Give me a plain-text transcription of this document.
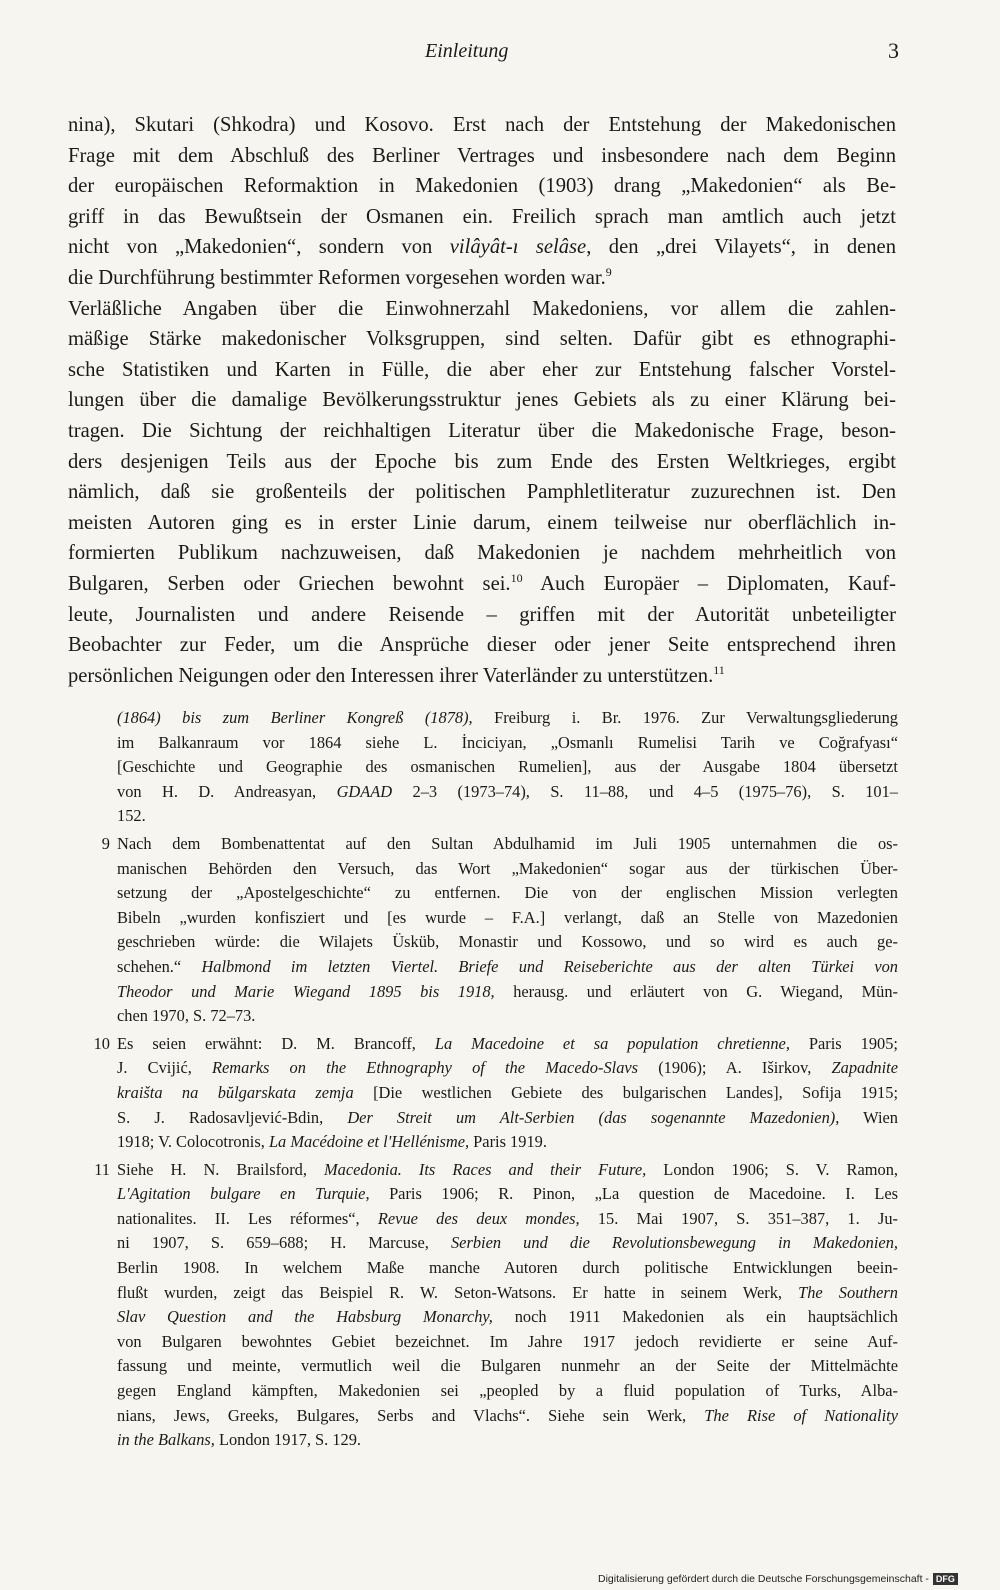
Einleitung	3
nina), Skutari (Shkodra) und Kosovo. Erst nach der Entstehung der Makedonischen
Frage mit dem Abschluß des Berliner Vertrages und insbesondere nach dem Beginn
der europäischen Reformaktion in Makedonien (1903) drang „Makedonien“ als Be-
griff in das Bewußtsein der Osmanen ein. Freilich sprach man amtlich auch jetzt
nicht von „Makedonien“, sondern von vilâyât-ı selâse, den „drei Vilayets“, in denen
die Durchführung bestimmter Reformen vorgesehen worden war.$^9$
Verläßliche Angaben über die Einwohnerzahl Makedoniens, vor allem die zahlen-
mäßige Stärke makedonischer Volksgruppen, sind selten. Dafür gibt es ethnographi-
sche Statistiken und Karten in Fülle, die aber eher zur Entstehung falscher Vorstel-
lungen über die damalige Bevölkerungsstruktur jenes Gebiets als zu einer Klärung bei-
tragen. Die Sichtung der reichhaltigen Literatur über die Makedonische Frage, beson-
ders desjenigen Teils aus der Epoche bis zum Ende des Ersten Weltkrieges, ergibt
nämlich, daß sie großenteils der politischen Pamphletliteratur zuzurechnen ist. Den
meisten Autoren ging es in erster Linie darum, einem teilweise nur oberflächlich in-
formierten Publikum nachzuweisen, daß Makedonien je nachdem mehrheitlich von
Bulgaren, Serben oder Griechen bewohnt sei.$^{10}$ Auch Europäer – Diplomaten, Kauf-
leute, Journalisten und andere Reisende – griffen mit der Autorität unbeteiligter
Beobachter zur Feder, um die Ansprüche dieser oder jener Seite entsprechend ihren
persönlichen Neigungen oder den Interessen ihrer Vaterländer zu unterstützen.$^{11}$
(1864) bis zum Berliner Kongreß (1878), Freiburg i. Br. 1976. Zur Verwaltungsgliederung
im Balkanraum vor 1864 siehe L. İnciciyan, „Osmanlı Rumelisi Tarih ve Coğrafyası“
[Geschichte und Geographie des osmanischen Rumelien], aus der Ausgabe 1804 übersetzt
von H. D. Andreasyan, GDAAD 2–3 (1973–74), S. 11–88, und 4–5 (1975–76), S. 101–
152.
9 Nach dem Bombenattentat auf den Sultan Abdulhamid im Juli 1905 unternahmen die os-
manischen Behörden den Versuch, das Wort „Makedonien“ sogar aus der türkischen Über-
setzung der „Apostelgeschichte“ zu entfernen. Die von der englischen Mission verlegten
Bibeln „wurden konfisziert und [es wurde – F.A.] verlangt, daß an Stelle von Mazedonien
geschrieben würde: die Wilajets Üsküb, Monastir und Kossowo, und so wird es auch ge-
schehen.“ Halbmond im letzten Viertel. Briefe und Reiseberichte aus der alten Türkei von
Theodor und Marie Wiegand 1895 bis 1918, herausg. und erläutert von G. Wiegand, Mün-
chen 1970, S. 72–73.
10 Es seien erwähnt: D. M. Brancoff, La Macedoine et sa population chretienne, Paris 1905;
J. Cvijić, Remarks on the Ethnography of the Macedo-Slavs (1906); A. Iširkov, Zapadnite
kraišta na bŭlgarskata zemja [Die westlichen Gebiete des bulgarischen Landes], Sofija 1915;
S. J. Radosavljević-Bdin, Der Streit um Alt-Serbien (das sogenannte Mazedonien), Wien
1918; V. Colocotronis, La Macédoine et l'Hellénisme, Paris 1919.
11 Siehe H. N. Brailsford, Macedonia. Its Races and their Future, London 1906; S. V. Ramon,
L'Agitation bulgare en Turquie, Paris 1906; R. Pinon, „La question de Macedoine. I. Les
nationalites. II. Les réformes“, Revue des deux mondes, 15. Mai 1907, S. 351–387, 1. Ju-
ni 1907, S. 659–688; H. Marcuse, Serbien und die Revolutionsbewegung in Makedonien,
Berlin 1908. In welchem Maße manche Autoren durch politische Entwicklungen beein-
flußt wurden, zeigt das Beispiel R. W. Seton-Watsons. Er hatte in seinem Werk, The Southern
Slav Question and the Habsburg Monarchy, noch 1911 Makedonien als ein hauptsächlich
von Bulgaren bewohntes Gebiet bezeichnet. Im Jahre 1917 jedoch revidierte er seine Auf-
fassung und meinte, vermutlich weil die Bulgaren nunmehr an der Seite der Mittelmächte
gegen England kämpften, Makedonien sei „peopled by a fluid population of Turks, Alba-
nians, Jews, Greeks, Bulgares, Serbs and Vlachs“. Siehe sein Werk, The Rise of Nationality
in the Balkans, London 1917, S. 129.
Digitalisierung gefördert durch die Deutsche Forschungsgemeinschaft - DFG
